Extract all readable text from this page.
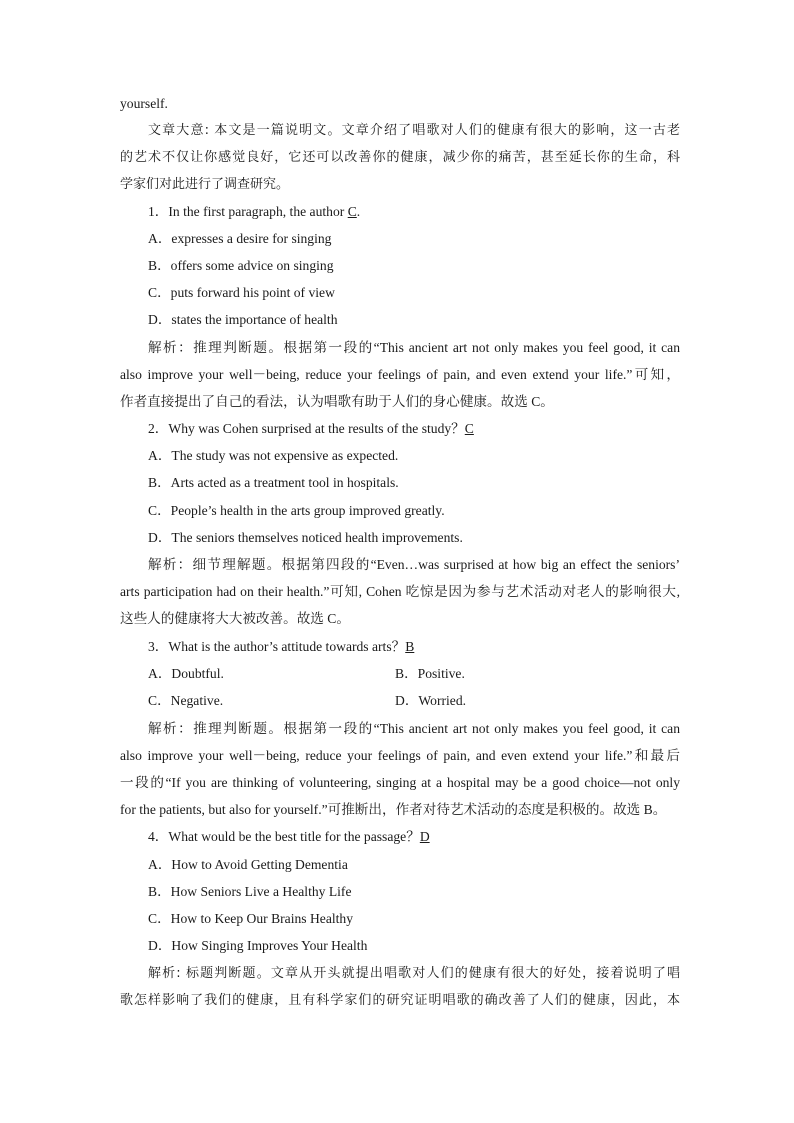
yourself.
文章大意: 本文是一篇说明文。文章介绍了唱歌对人们的健康有很大的影响，这一古老
的艺术不仅让你感觉良好，它还可以改善你的健康，减少你的痛苦，甚至延长你的生命，科
学家们对此进行了调查研究。
1．In the first paragraph, the author C.
A．expresses a desire for singing
B．offers some advice on singing
C．puts forward his point of view
D．states the importance of health
解析：推理判断题。根据第一段的“This ancient art not only makes you feel good, it can
also improve your well－being, reduce your feelings of pain, and even extend your life.”可知，
作者直接提出了自己的看法，认为唱歌有助于人们的身心健康。故选 C。
2．Why was Cohen surprised at the results of the study？C
A．The study was not expensive as expected.
B．Arts acted as a treatment tool in hospitals.
C．People’s health in the arts group improved greatly.
D．The seniors themselves noticed health improvements.
解析：细节理解题。根据第四段的“Even…was surprised at how big an effect the seniors’
arts participation had on their health.”可知, Cohen 吃惊是因为参与艺术活动对老人的影响很大,
这些人的健康将大大被改善。故选 C。
3．What is the author’s attitude towards arts？B
A．Doubtful.	B．Positive.
C．Negative.	D．Worried.
解析：推理判断题。根据第一段的“This ancient art not only makes you feel good, it can
also improve your well－being, reduce your feelings of pain, and even extend your life.”和最后
一段的“If you are thinking of volunteering, singing at a hospital may be a good choice—not only
for the patients, but also for yourself.”可推断出，作者对待艺术活动的态度是积极的。故选 B。
4．What would be the best title for the passage？D
A．How to Avoid Getting Dementia
B．How Seniors Live a Healthy Life
C．How to Keep Our Brains Healthy
D．How Singing Improves Your Health
解析: 标题判断题。文章从开头就提出唱歌对人们的健康有很大的好处，接着说明了唱
歌怎样影响了我们的健康，且有科学家们的研究证明唱歌的确改善了人们的健康，因此，本
